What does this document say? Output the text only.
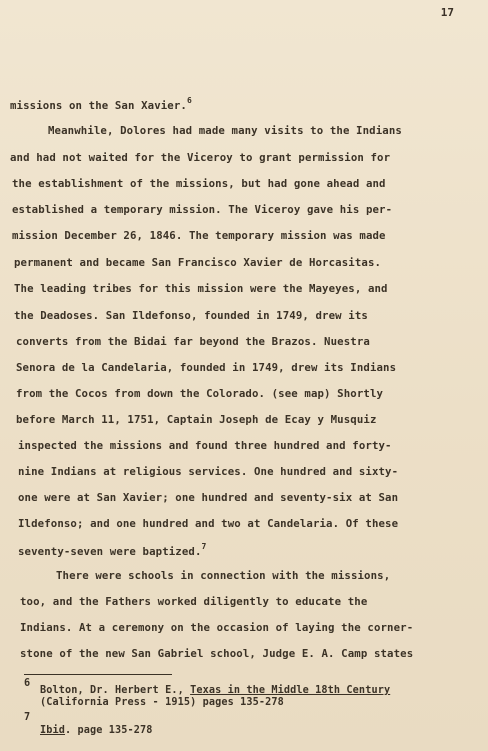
17
missions on the San Xavier.$^6$
Meanwhile, Dolores had made many visits to the Indians
and had not waited for the Viceroy to grant permission for
the establishment of the missions, but had gone ahead and
established a temporary mission. The Viceroy gave his per-
mission December 26, 1846. The temporary mission was made
permanent and became San Francisco Xavier de Horcasitas.
The leading tribes for this mission were the Mayeyes, and
the Deadoses. San Ildefonso, founded in 1749, drew its
converts from the Bidai far beyond the Brazos. Nuestra
Senora de la Candelaria, founded in 1749, drew its Indians
from the Cocos from down the Colorado. (see map) Shortly
before March 11, 1751, Captain Joseph de Ecay y Musquiz
inspected the missions and found three hundred and forty-
nine Indians at religious services. One hundred and sixty-
one were at San Xavier; one hundred and seventy-six at San
Ildefonso; and one hundred and two at Candelaria. Of these
seventy-seven were baptized.$^7$
There were schools in connection with the missions,
too, and the Fathers worked diligently to educate the
Indians. At a ceremony on the occasion of laying the corner-
stone of the new San Gabriel school, Judge E. A. Camp states
6
Bolton, Dr. Herbert E., Texas in the Middle 18th Century
(California Press - 1915) pages 135-278
7
Ibid. page 135-278
